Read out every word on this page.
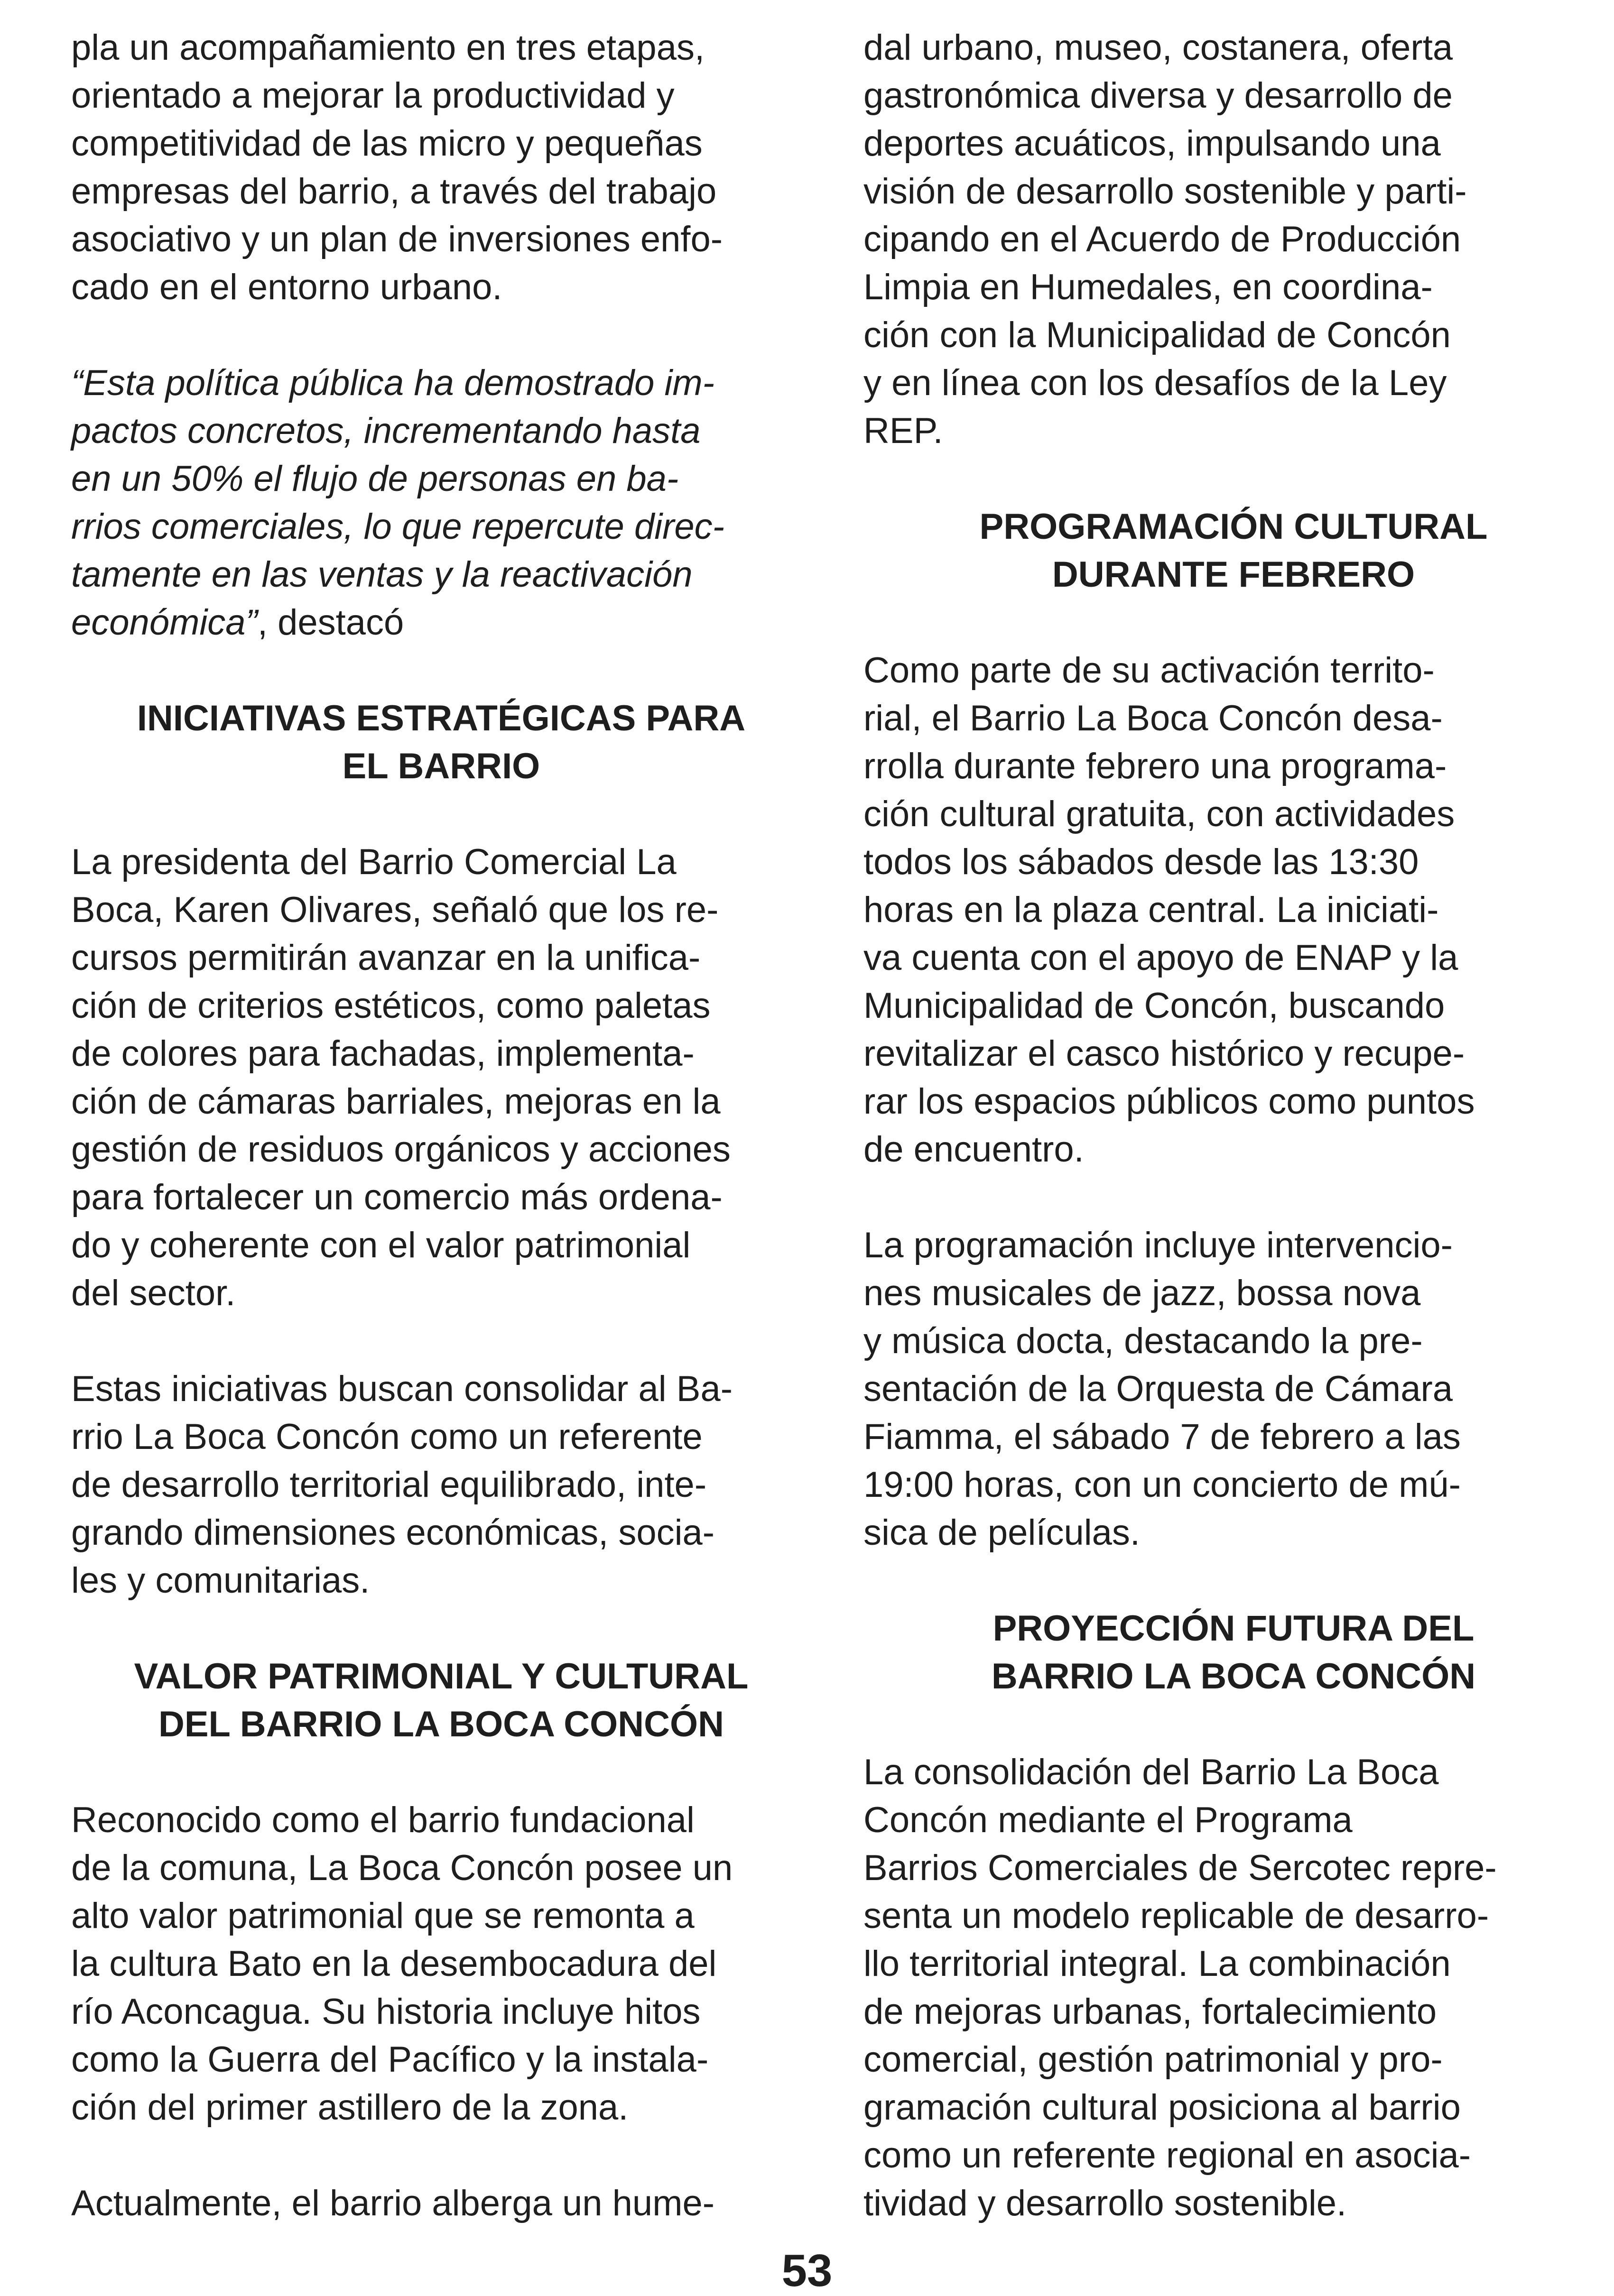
pla un acompañamiento en tres etapas,
orientado a mejorar la productividad y
competitividad de las micro y pequeñas
empresas del barrio, a través del trabajo
asociativo y un plan de inversiones enfo-
cado en el entorno urbano.
“Esta política pública ha demostrado im-
pactos concretos, incrementando hasta
en un 50% el flujo de personas en ba-
rrios comerciales, lo que repercute direc-
tamente en las ventas y la reactivación
económica”, destacó
INICIATIVAS ESTRATÉGICAS PARA
EL BARRIO
La presidenta del Barrio Comercial La
Boca, Karen Olivares, señaló que los re-
cursos permitirán avanzar en la unifica-
ción de criterios estéticos, como paletas
de colores para fachadas, implementa-
ción de cámaras barriales, mejoras en la
gestión de residuos orgánicos y acciones
para fortalecer un comercio más ordena-
do y coherente con el valor patrimonial
del sector.
Estas iniciativas buscan consolidar al Ba-
rrio La Boca Concón como un referente
de desarrollo territorial equilibrado, inte-
grando dimensiones económicas, socia-
les y comunitarias.
VALOR PATRIMONIAL Y CULTURAL
DEL BARRIO LA BOCA CONCÓN
Reconocido como el barrio fundacional
de la comuna, La Boca Concón posee un
alto valor patrimonial que se remonta a
la cultura Bato en la desembocadura del
río Aconcagua. Su historia incluye hitos
como la Guerra del Pacífico y la instala-
ción del primer astillero de la zona.
Actualmente, el barrio alberga un hume-
dal urbano, museo, costanera, oferta
gastronómica diversa y desarrollo de
deportes acuáticos, impulsando una
visión de desarrollo sostenible y parti-
cipando en el Acuerdo de Producción
Limpia en Humedales, en coordina-
ción con la Municipalidad de Concón
y en línea con los desafíos de la Ley
REP.
PROGRAMACIÓN CULTURAL
DURANTE FEBRERO
Como parte de su activación territo-
rial, el Barrio La Boca Concón desa-
rrolla durante febrero una programa-
ción cultural gratuita, con actividades
todos los sábados desde las 13:30
horas en la plaza central. La iniciati-
va cuenta con el apoyo de ENAP y la
Municipalidad de Concón, buscando
revitalizar el casco histórico y recupe-
rar los espacios públicos como puntos
de encuentro.
La programación incluye intervencio-
nes musicales de jazz, bossa nova
y música docta, destacando la pre-
sentación de la Orquesta de Cámara
Fiamma, el sábado 7 de febrero a las
19:00 horas, con un concierto de mú-
sica de películas.
PROYECCIÓN FUTURA DEL
BARRIO LA BOCA CONCÓN
La consolidación del Barrio La Boca
Concón mediante el Programa
Barrios Comerciales de Sercotec repre-
senta un modelo replicable de desarro-
llo territorial integral. La combinación
de mejoras urbanas, fortalecimiento
comercial, gestión patrimonial y pro-
gramación cultural posiciona al barrio
como un referente regional en asocia-
tividad y desarrollo sostenible.
53
